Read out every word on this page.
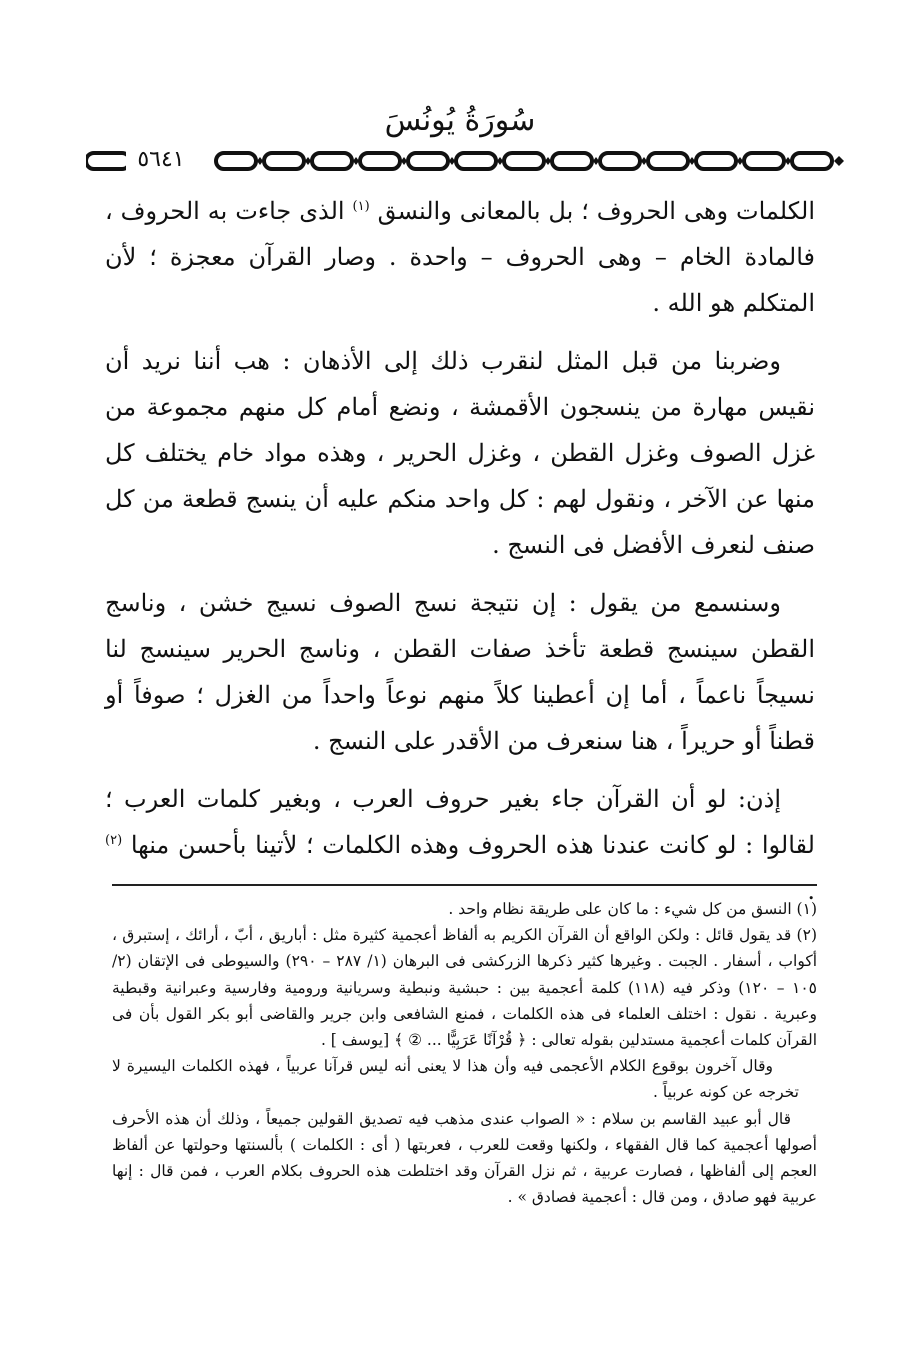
سُورَةُ يُونُسَ
٥٦٤١

الكلمات وهى الحروف ؛ بل بالمعانى والنسق $^{(١)}$ الذى جاءت به الحروف ، فالمادة الخام – وهى الحروف – واحدة . وصار القرآن معجزة ؛ لأن المتكلم هو الله .

وضربنا من قبل المثل لنقرب ذلك إلى الأذهان : هب أننا نريد أن نقيس مهارة من ينسجون الأقمشة ، ونضع أمام كل منهم مجموعة من غزل الصوف وغزل القطن ، وغزل الحرير ، وهذه مواد خام يختلف كل منها عن الآخر ، ونقول لهم : كل واحد منكم عليه أن ينسج قطعة من كل صنف لنعرف الأفضل فى النسج .

وسنسمع من يقول : إن نتيجة نسج الصوف نسيج خشن ، وناسج القطن سينسج قطعة تأخذ صفات القطن ، وناسج الحرير سينسج لنا نسيجاً ناعماً ، أما إن أعطينا كلاً منهم نوعاً واحداً من الغزل ؛ صوفاً أو قطناً أو حريراً ، هنا سنعرف من الأقدر على النسج .

إذن: لو أن القرآن جاء بغير حروف العرب ، وبغير كلمات العرب ؛ لقالوا : لو كانت عندنا هذه الحروف وهذه الكلمات ؛ لأتينا بأحسن منها $^{(٢)}$ .

(١) النسق من كل شيء : ما كان على طريقة نظام واحد .

(٢) قد يقول قائل : ولكن الواقع أن القرآن الكريم به ألفاظ أعجمية كثيرة مثل : أباريق ، أبّ ، أرائك ، إستبرق ، أكواب ، أسفار . الجبت . وغيرها كثير ذكرها الزركشى فى البرهان (١/ ٢٨٧ – ٢٩٠) والسيوطى فى الإتقان (٢/ ١٠٥ – ١٢٠) وذكر فيه (١١٨) كلمة أعجمية بين : حبشية ونبطية وسريانية ورومية وفارسية وعبرانية وقبطية وعبرية . نقول : اختلف العلماء فى هذه الكلمات ، فمنع الشافعى وابن جرير والقاضى أبو بكر القول بأن فى القرآن كلمات أعجمية مستدلين بقوله تعالى : ﴿ قُرْآنًا عَرَبِيًّا ... ② ﴾ [يوسف ] .

وقال آخرون بوقوع الكلام الأعجمى فيه وأن هذا لا يعنى أنه ليس قرآنا عربياً ، فهذه الكلمات اليسيرة لا تخرجه عن كونه عربياً .

قال أبو عبيد القاسم بن سلام : « الصواب عندى مذهب فيه تصديق القولين جميعاً ، وذلك أن هذه الأحرف أصولها أعجمية كما قال الفقهاء ، ولكنها وقعت للعرب ، فعربتها ( أى : الكلمات ) بألسنتها وحولتها عن ألفاظ العجم إلى ألفاظها ، فصارت عربية ، ثم نزل القرآن وقد اختلطت هذه الحروف بكلام العرب ، فمن قال : إنها عربية فهو صادق ، ومن قال : أعجمية فصادق » .
